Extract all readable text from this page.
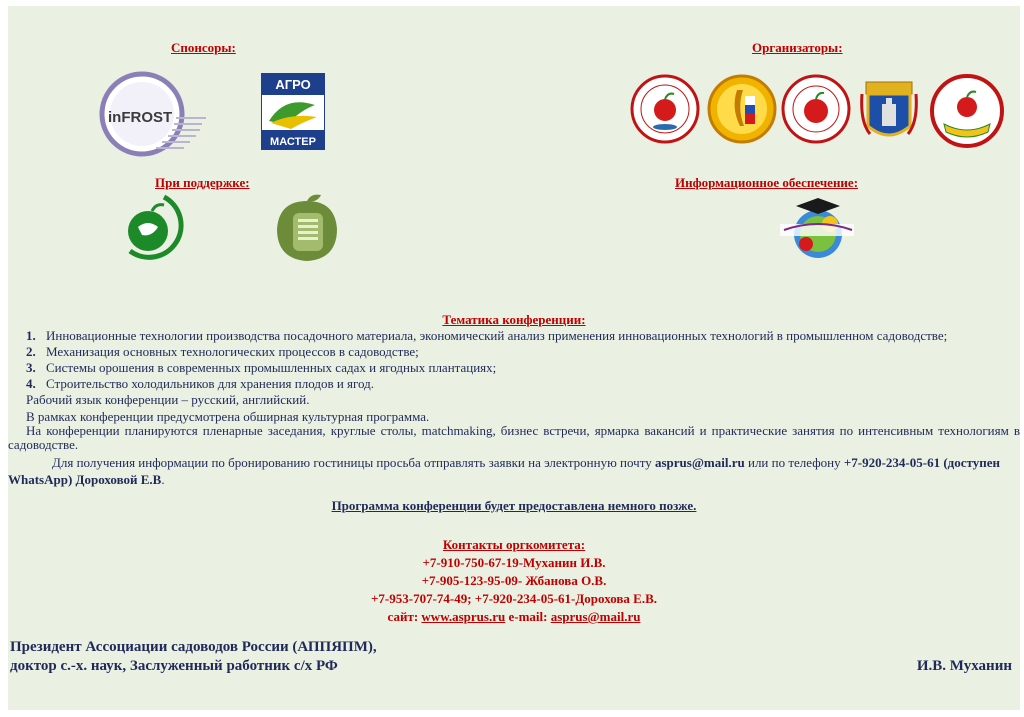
Спонсоры:	Организаторы:
При поддержке:	Информационное обеспечение:
inFROST
АГРО
МАСТЕР

Тематика конференции:

1. Инновационные технологии производства посадочного материала, экономический анализ применения инновационных технологий в промышленном садоводстве;

2. Механизация основных технологических процессов в садоводстве;

3. Системы орошения в современных промышленных садах и ягодных плантациях;

4. Строительство холодильников для хранения плодов и ягод.

Рабочий язык конференции – русский, английский.

В рамках конференции предусмотрена обширная культурная программа.

На конференции планируются пленарные заседания, круглые столы, matchmaking, бизнес встречи, ярмарка вакансий и практические занятия по интенсивным технологиям в садоводстве.

Для получения информации по бронированию гостиницы просьба отправлять заявки на электронную почту asprus@mail.ru или по телефону +7-920-234-05-61 (доступен WhatsApp) Дороховой Е.В.

Программа конференции будет предоставлена немного позже.

Контакты оргкомитета:
+7-910-750-67-19-Муханин И.В.
+7-905-123-95-09- Жбанова О.В.
+7-953-707-74-49; +7-920-234-05-61-Дорохова Е.В.
сайт: www.asprus.ru e-mail: asprus@mail.ru
Президент Ассоциации садоводов России (АППЯПМ),
доктор с.-х. наук, Заслуженный работник с/х РФ	И.В. Муханин
